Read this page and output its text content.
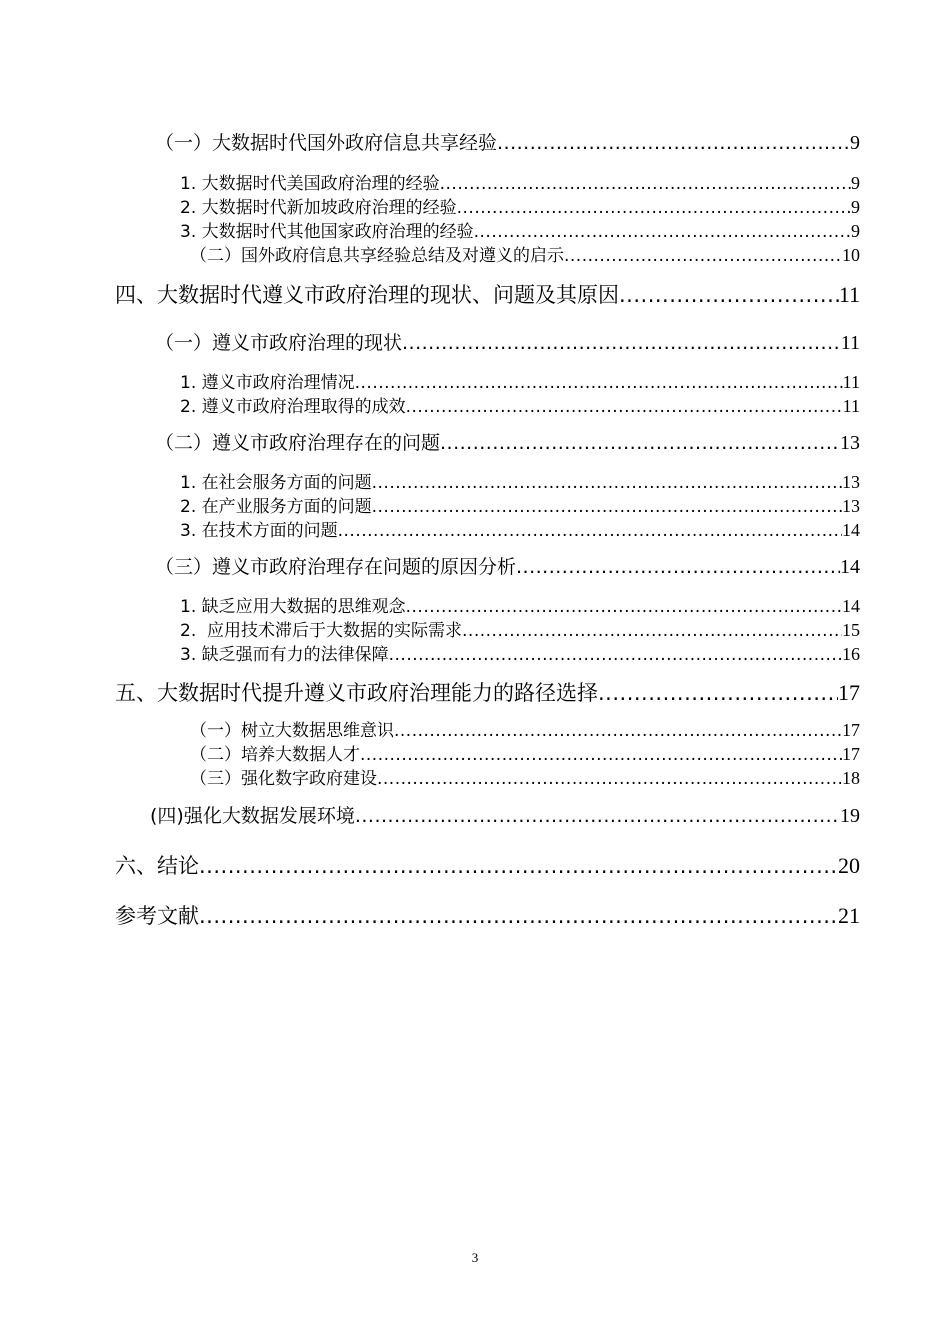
（一）大数据时代国外政府信息共享经验 .....	9
1. 大数据时代美国政府治理的经验 .....	9
2. 大数据时代新加坡政府治理的经验 .....	9
3. 大数据时代其他国家政府治理的经验 .....	9
（二）国外政府信息共享经验总结及对遵义的启示 .....	10
四、大数据时代遵义市政府治理的现状、问题及其原因 .....	11
（一）遵义市政府治理的现状 .....	11
1. 遵义市政府治理情况 .....	11
2. 遵义市政府治理取得的成效 .....	11
（二）遵义市政府治理存在的问题 .....	13
1. 在社会服务方面的问题 .....	13
2. 在产业服务方面的问题 .....	13
3. 在技术方面的问题 .....	14
（三）遵义市政府治理存在问题的原因分析 .....	14
1. 缺乏应用大数据的思维观念 .....	14
2.  应用技术滞后于大数据的实际需求 .....	15
3. 缺乏强而有力的法律保障 .....	16
五、大数据时代提升遵义市政府治理能力的路径选择 .....	17
（一）树立大数据思维意识 .....	17
（二）培养大数据人才 .....	17
（三）强化数字政府建设 .....	18
(四)强化大数据发展环境 .....	19
六、结论 .....	20
参考文献 .....	21
3
